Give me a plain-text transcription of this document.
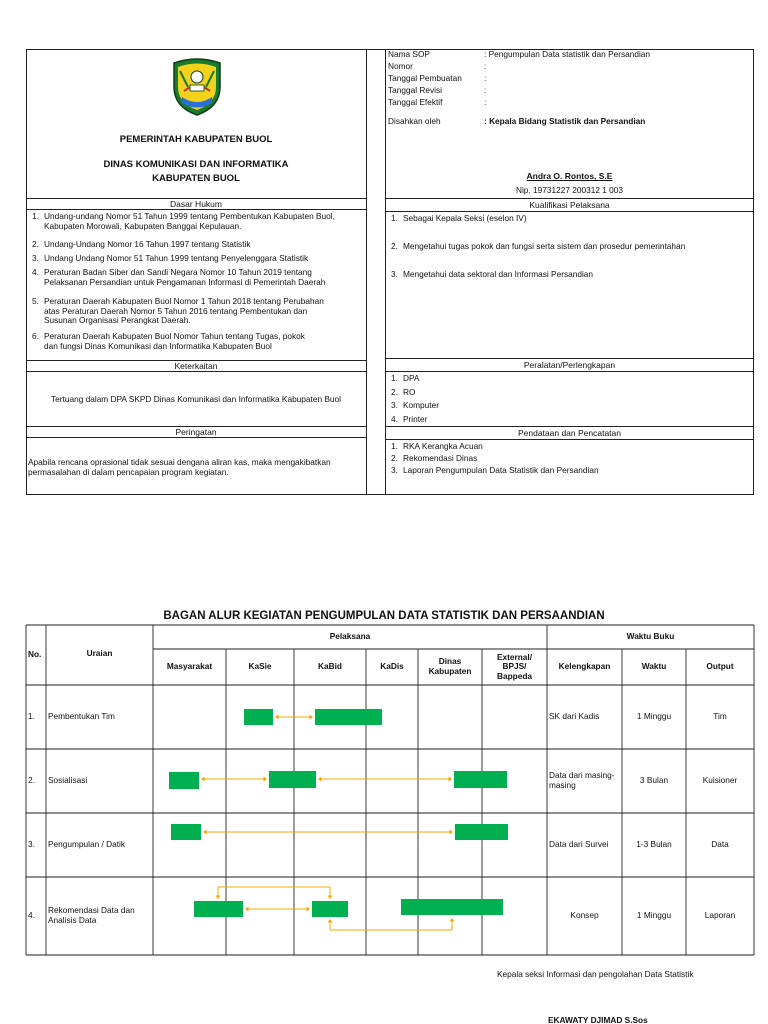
PEMERINTAH KABUPATEN BUOL
DINAS KOMUNIKASI DAN INFORMATIKA
KABUPATEN BUOL
Nama SOP	: Pengumpulan Data statistik dan Persandian
Nomor	:
Tanggal Pembuatan	:
Tanggal Revisi	:
Tanggal Efektif	:
Disahkan oleh	: Kepala Bidang Statistik dan Persandian
Andra O. Rontos, S.E
Nip. 19731227 200312 1 003
Dasar Hukum	Kualifikasi Pelaksana
Keterkaitan	Peralatan/Perlengkapan
Peringatan	Pendataan dan Pencatatan
1. Undang-undang Nomor 51 Tahun 1999 tentang Pembentukan Kabupaten Buol,
Kabupaten Morowali, Kabupaten Banggai Kepulauan.
2. Undang-Undang Nomor 16 Tahun 1997 tentang Statistik
3. Undang Undang Nomor 51 Tahun 1999 tentang Penyelenggara Statistik
4. Peraturan Badan Siber dan Sandi Negara Nomor 10 Tahun 2019 tentang
Pelaksanan Persandian untuk Pengamanan Informasi di Pemerintah Daerah
5. Peraturan Daerah Kabupaten Buol Nomor 1 Tahun 2018 tentang Perubahan
atas Peraturan Daerah Nomor 5 Tahun 2016 tentang Pembentukan dan
Susunan Organisasi Perangkat Daerah.
6. Peraturan Daerah Kabupaten Buol Nomor Tahun tentang Tugas, pokok
dan fungsi Dinas Komunikasi dan Informatika Kabupaten Buol
1. Sebagai Kepala Seksi (eselon IV)
2. Mengetahui tugas pokok dan fungsi serta sistem dan prosedur pemerintahan
3. Mengetahui data sektoral dan Informasi Persandian
Tertuang dalam DPA SKPD Dinas Komunikasi dan Informatika Kabupaten Buol
1. DPA
2. RO
3. Komputer
4. Printer
Apabila rencana oprasional tidak sesuai dengana aliran kas, maka mengakibatkan
permasalahan di dalam pencapaian program kegiatan.
1. RKA Kerangka Acuan
2. Rekomendasi Dinas
3. Laporan Pengumpulan Data Statistik dan Persandian
BAGAN ALUR KEGIATAN PENGUMPULAN DATA STATISTIK DAN PERSAANDIAN
No.	Uraian
Pelaksana	Waktu Buku
Masyarakat	KaSie	KaBid	KaDis	Dinas Kabupaten
External/ BPJS/ Bappeda
Kelengkapan	Waktu	Output
1.	Pembentukan Tim	SK dari Kadis	1 Minggu	Tim
2.	Sosialisasi	Data dari masing-masing	3 Bulan	Kuisioner
3.	Pengumpulan / Datik	Data dari Survei	1-3 Bulan	Data
4.	Rekomendasi Data dan Analisis Data	Konsep	1 Minggu	Laporan
Kepala seksi Informasi dan pengolahan Data Statistik
EKAWATY DJIMAD S.Sos
